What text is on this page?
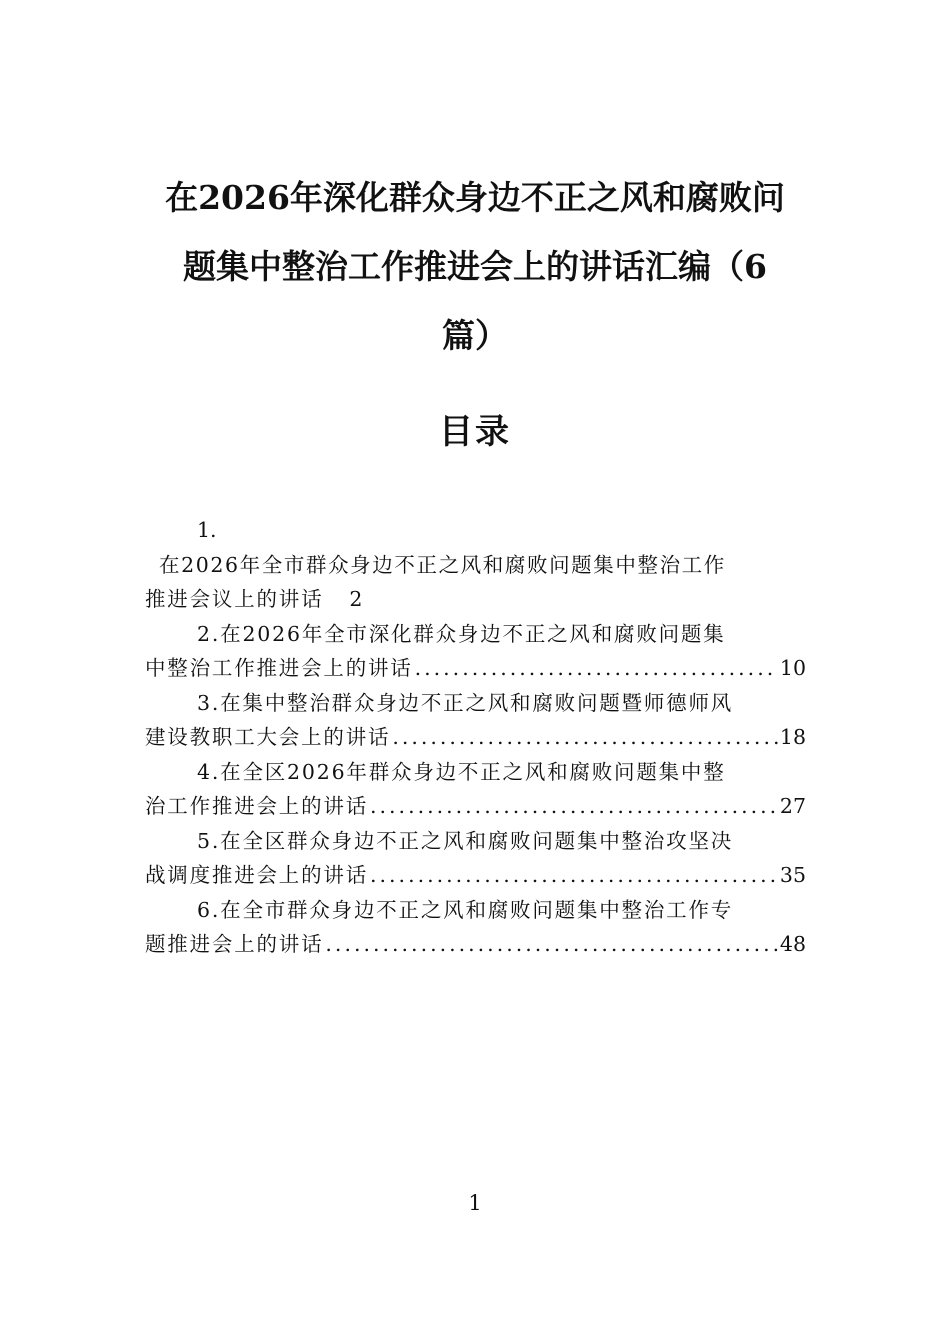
在2026年深化群众身边不正之风和腐败问
题集中整治工作推进会上的讲话汇编（6
篇）
目录
1.
在2026年全市群众身边不正之风和腐败问题集中整治工作
推进会议上的讲话 2
2.在2026年全市深化群众身边不正之风和腐败问题集
中整治工作推进会上的讲话 .....	10
3.在集中整治群众身边不正之风和腐败问题暨师德师风
建设教职工大会上的讲话 .....	18
4.在全区2026年群众身边不正之风和腐败问题集中整
治工作推进会上的讲话 .....	27
5.在全区群众身边不正之风和腐败问题集中整治攻坚决
战调度推进会上的讲话 .....	35
6.在全市群众身边不正之风和腐败问题集中整治工作专
题推进会上的讲话 .....	48
1
